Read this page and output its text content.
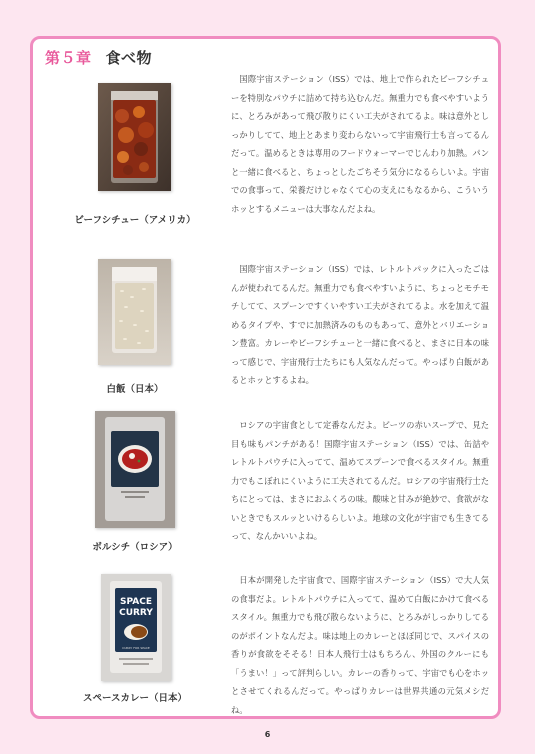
第５章 食べ物
ビーフシチュー（アメリカ）

国際宇宙ステーション（ISS）では、地上で作られたビーフシチューを特別なパウチに詰めて持ち込むんだ。無重力でも食べやすいように、とろみがあって飛び散りにくい工夫がされてるよ。味は意外としっかりしてて、地上とあまり変わらないって宇宙飛行士も言ってるんだって。温めるときは専用のフードウォーマーでじんわり加熱。パンと一緒に食べると、ちょっとしたごちそう気分になるらしいよ。宇宙での食事って、栄養だけじゃなくて心の支えにもなるから、こういうホッとするメニューは大事なんだよね。

白飯（日本）

国際宇宙ステーション（ISS）では、レトルトパックに入ったごはんが使われてるんだ。無重力でも食べやすいように、ちょっとモチモチしてて、スプーンですくいやすい工夫がされてるよ。水を加えて温めるタイプや、すでに加熱済みのものもあって、意外とバリエーション豊富。カレーやビーフシチューと一緒に食べると、まさに日本の味って感じで、宇宙飛行士たちにも人気なんだって。やっぱり白飯があるとホッとするよね。

ボルシチ（ロシア）

ロシアの宇宙食として定番なんだよ。ビーツの赤いスープで、見た目も味もパンチがある！国際宇宙ステーション（ISS）では、缶詰やレトルトパウチに入ってて、温めてスプーンで食べるスタイル。無重力でもこぼれにくいように工夫されてるんだ。ロシアの宇宙飛行士たちにとっては、まさにおふくろの味。酸味と甘みが絶妙で、食欲がないときでもスルッといけるらしいよ。地球の文化が宇宙でも生きてるって、なんかいいよね。

SPACE
CURRY
CURRY FOR SPACE
スペースカレー（日本）

日本が開発した宇宙食で、国際宇宙ステーション（ISS）で大人気の食事だよ。レトルトパウチに入ってて、温めて白飯にかけて食べるスタイル。無重力でも飛び散らないように、とろみがしっかりしてるのがポイントなんだよ。味は地上のカレーとほぼ同じで、スパイスの香りが食欲をそそる！日本人飛行士はもちろん、外国のクルーにも「うまい！」って評判らしい。カレーの香りって、宇宙でも心をホッとさせてくれるんだって。やっぱりカレーは世界共通の元気メシだね。

6
